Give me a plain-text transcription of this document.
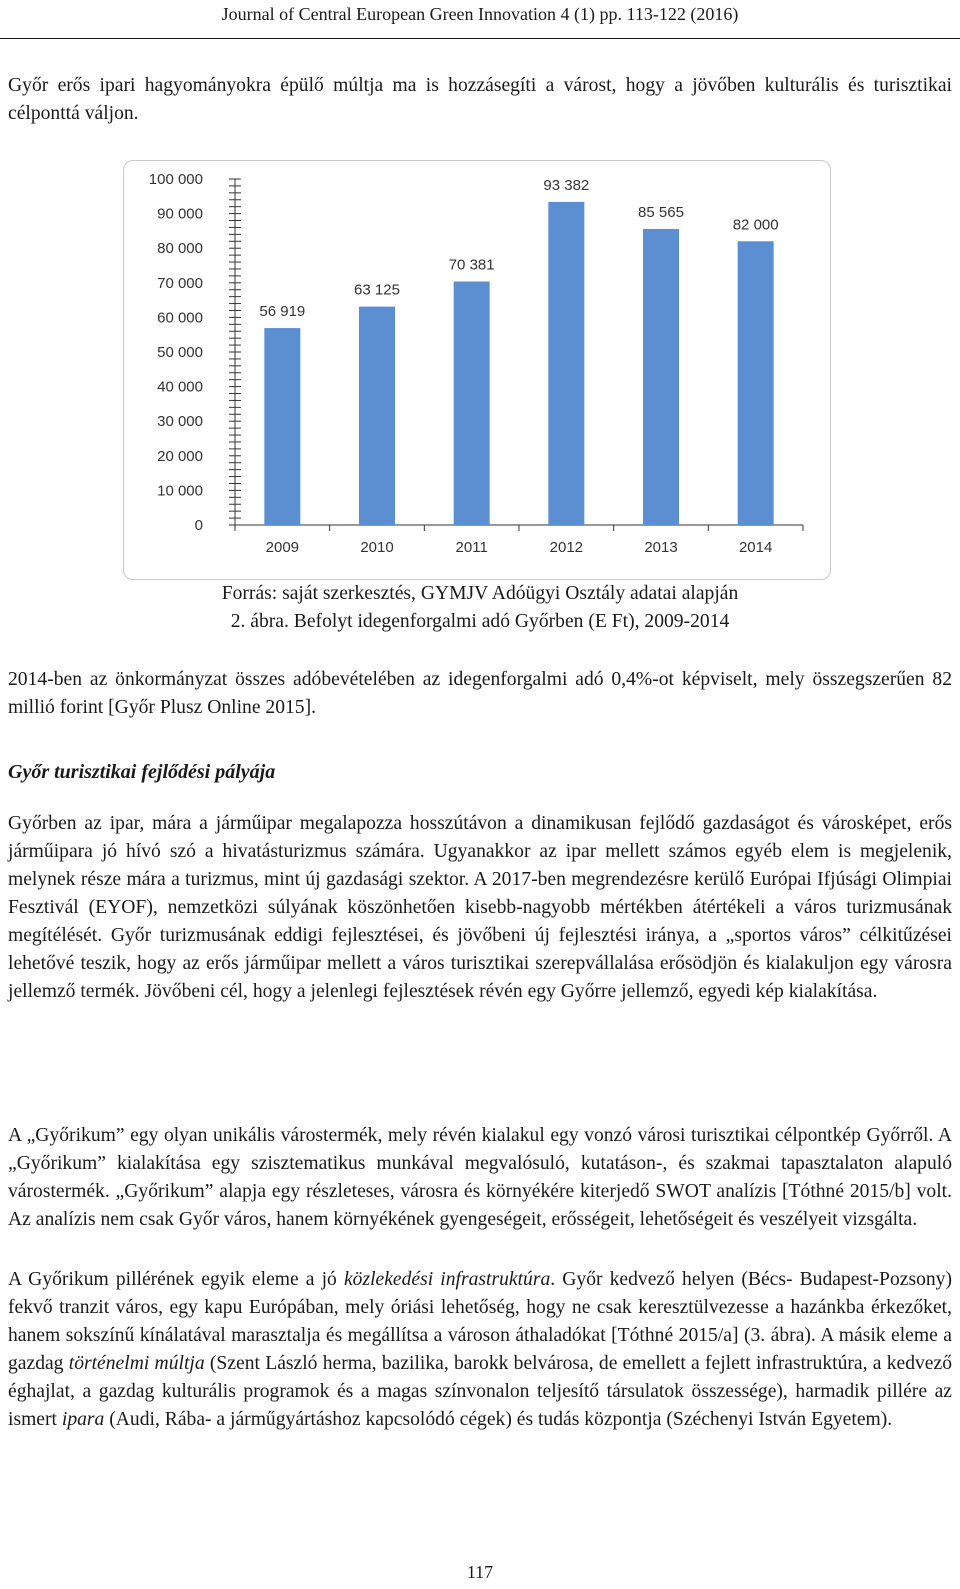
Journal of Central European Green Innovation 4 (1) pp. 113-122 (2016)
Győr erős ipari hagyományokra épülő múltja ma is hozzásegíti a várost, hogy a jövőben kulturális és turisztikai célponttá váljon.
0
10 000
20 000
30 000
40 000
50 000
60 000
70 000
80 000
90 000
100 000
56 919
2009
63 125
2010
70 381
2011
93 382
2012
85 565
2013
82 000
2014
Forrás: saját szerkesztés, GYMJV Adóügyi Osztály adatai alapján
2. ábra. Befolyt idegenforgalmi adó Győrben (E Ft), 2009-2014
2014-ben az önkormányzat összes adóbevételében az idegenforgalmi adó 0,4%-ot képviselt, mely összegszerűen 82 millió forint [Győr Plusz Online 2015].
Győr turisztikai fejlődési pályája
Győrben az ipar, mára a járműipar megalapozza hosszútávon a dinamikusan fejlődő gazdaságot és városképet, erős járműipara jó hívó szó a hivatásturizmus számára. Ugyanakkor az ipar mellett számos egyéb elem is megjelenik, melynek része mára a turizmus, mint új gazdasági szektor. A 2017-ben megrendezésre kerülő Európai Ifjúsági Olimpiai Fesztivál (EYOF), nemzetközi súlyának köszönhetően kisebb-nagyobb mértékben átértékeli a város turizmusának megítélését. Győr turizmusának eddigi fejlesztései, és jövőbeni új fejlesztési iránya, a „sportos város” célkitűzései lehetővé teszik, hogy az erős járműipar mellett a város turisztikai szerepvállalása erősödjön és kialakuljon egy városra jellemző termék. Jövőbeni cél, hogy a jelenlegi fejlesztések révén egy Győrre jellemző, egyedi kép kialakítása.
A „Győrikum” egy olyan unikális várostermék, mely révén kialakul egy vonzó városi turisztikai célpontkép Győrről. A „Győrikum” kialakítása egy szisztematikus munkával megvalósuló, kutatáson-, és szakmai tapasztalaton alapuló várostermék. „Győrikum” alapja egy részleteses, városra és környékére kiterjedő SWOT analízis [Tóthné 2015/b] volt. Az analízis nem csak Győr város, hanem környékének gyengeségeit, erősségeit, lehetőségeit és veszélyeit vizsgálta.
A Győrikum pillérének egyik eleme a jó közlekedési infrastruktúra. Győr kedvező helyen (Bécs- Budapest-Pozsony) fekvő tranzit város, egy kapu Európában, mely óriási lehetőség, hogy ne csak keresztülvezesse a hazánkba érkezőket, hanem sokszínű kínálatával marasztalja és megállítsa a városon áthaladókat [Tóthné 2015/a] (3. ábra). A másik eleme a gazdag történelmi múltja (Szent László herma, bazilika, barokk belvárosa, de emellett a fejlett infrastruktúra, a kedvező éghajlat, a gazdag kulturális programok és a magas színvonalon teljesítő társulatok összessége), harmadik pillére az ismert ipara (Audi, Rába- a járműgyártáshoz kapcsolódó cégek) és tudás központja (Széchenyi István Egyetem).
117
